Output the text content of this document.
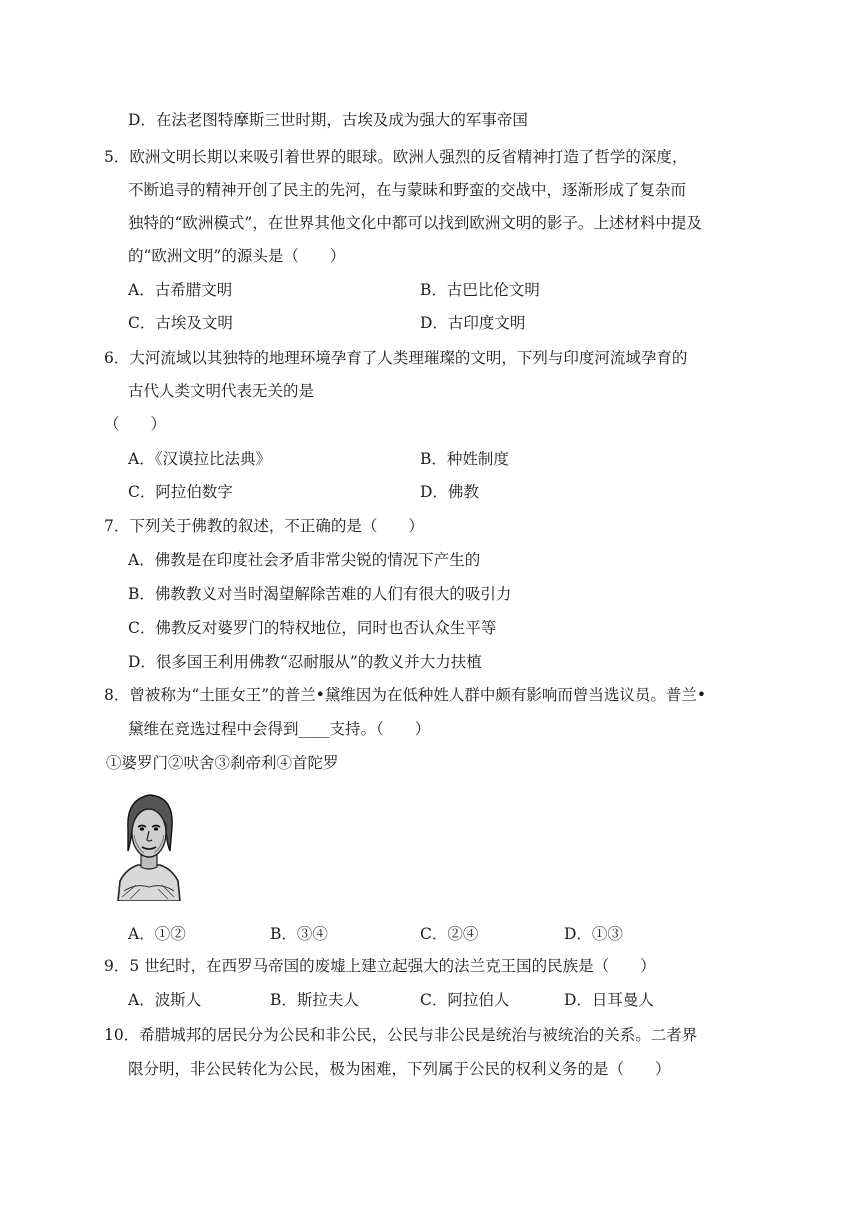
D．在法老图特摩斯三世时期，古埃及成为强大的军事帝国
5．欧洲文明长期以来吸引着世界的眼球。欧洲人强烈的反省精神打造了哲学的深度，
不断追寻的精神开创了民主的先河，在与蒙昧和野蛮的交战中，逐渐形成了复杂而
独特的“欧洲模式”，在世界其他文化中都可以找到欧洲文明的影子。上述材料中提及
的“欧洲文明”的源头是（　　）
A．古希腊文明	B．古巴比伦文明
C．古埃及文明	D．古印度文明
6．大河流域以其独特的地理环境孕育了人类理璀璨的文明，下列与印度河流域孕育的
古代人类文明代表无关的是
（　　）
A．《汉谟拉比法典》	B．种姓制度
C．阿拉伯数字	D．佛教
7．下列关于佛教的叙述，不正确的是（　　）
A．佛教是在印度社会矛盾非常尖锐的情况下产生的
B．佛教教义对当时渴望解除苦难的人们有很大的吸引力
C．佛教反对婆罗门的特权地位，同时也否认众生平等
D．很多国王利用佛教“忍耐服从”的教义并大力扶植
8．曾被称为“土匪女王”的普兰•黛维因为在低种姓人群中颇有影响而曾当选议员。普兰•
黛维在竞选过程中会得到____支持。（　　）
①婆罗门②吠舍③刹帝利④首陀罗
A．①②	B．③④	C．②④	D．①③
9．5 世纪时，在西罗马帝国的废墟上建立起强大的法兰克王国的民族是（　　）
A．波斯人	B．斯拉夫人	C．阿拉伯人	D．日耳曼人
10．希腊城邦的居民分为公民和非公民，公民与非公民是统治与被统治的关系。二者界
限分明，非公民转化为公民，极为困难，下列属于公民的权利义务的是（　　）
